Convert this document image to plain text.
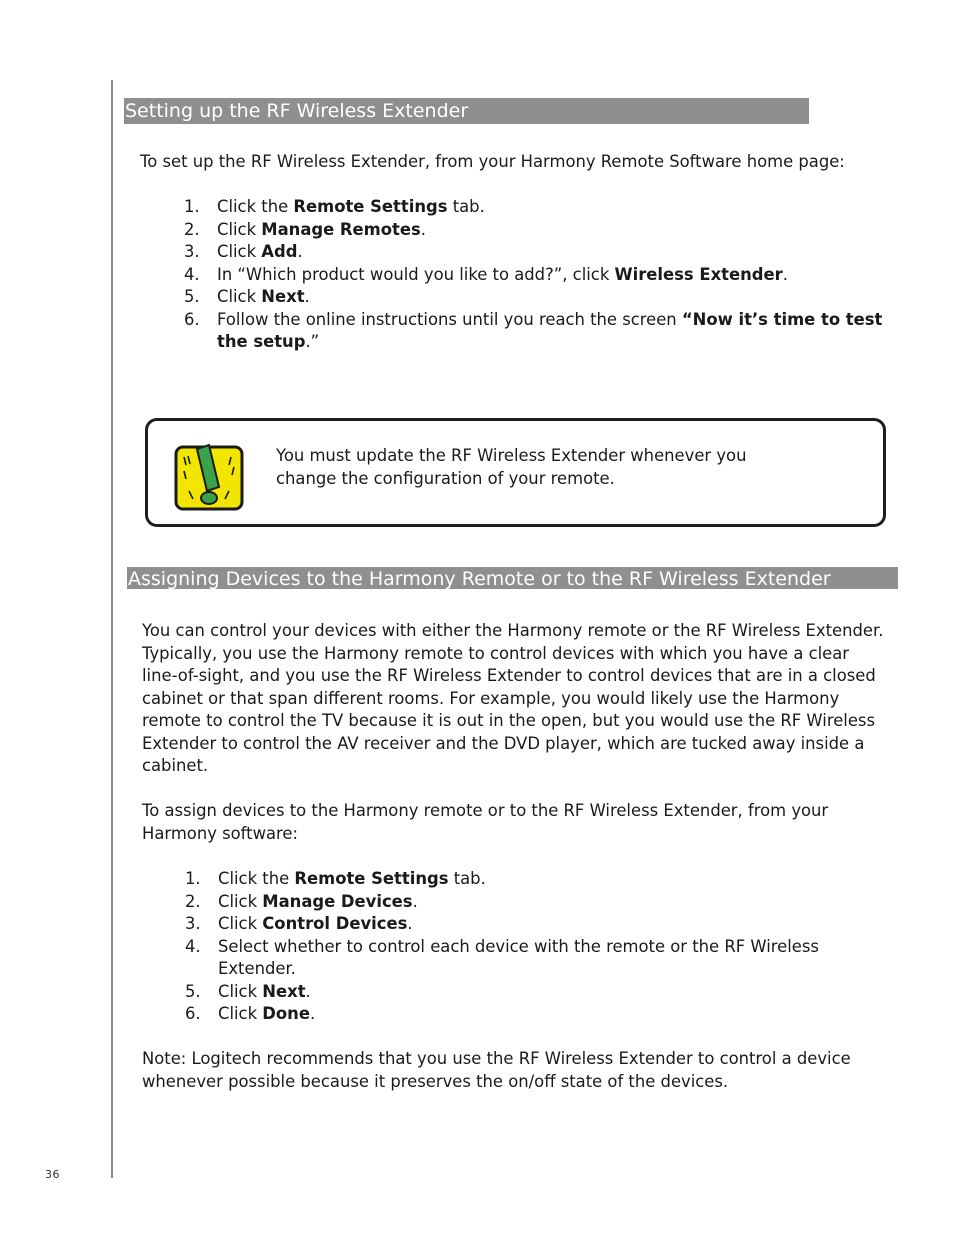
Setting up the RF Wireless Extender

To set up the RF Wireless Extender, from your Harmony Remote Software home page:

1. Click the Remote Settings tab.
2. Click Manage Remotes.
3. Click Add.
4. In “Which product would you like to add?”, click Wireless Extender.
5. Click Next.
6. Follow the online instructions until you reach the screen “Now it’s time to test the setup.”
You must update the RF Wireless Extender whenever you change the configuration of your remote.
Assigning Devices to the Harmony Remote or to the RF Wireless Extender

You can control your devices with either the Harmony remote or the RF Wireless Extender. Typically, you use the Harmony remote to control devices with which you have a clear line-of-sight, and you use the RF Wireless Extender to control devices that are in a closed cabinet or that span different rooms. For example, you would likely use the Harmony remote to control the TV because it is out in the open, but you would use the RF Wireless Extender to control the AV receiver and the DVD player, which are tucked away inside a cabinet.

To assign devices to the Harmony remote or to the RF Wireless Extender, from your Harmony software:

1. Click the Remote Settings tab.
2. Click Manage Devices.
3. Click Control Devices.
4. Select whether to control each device with the remote or the RF Wireless Extender.
5. Click Next.
6. Click Done.

Note: Logitech recommends that you use the RF Wireless Extender to control a device whenever possible because it preserves the on/off state of the devices.

36
